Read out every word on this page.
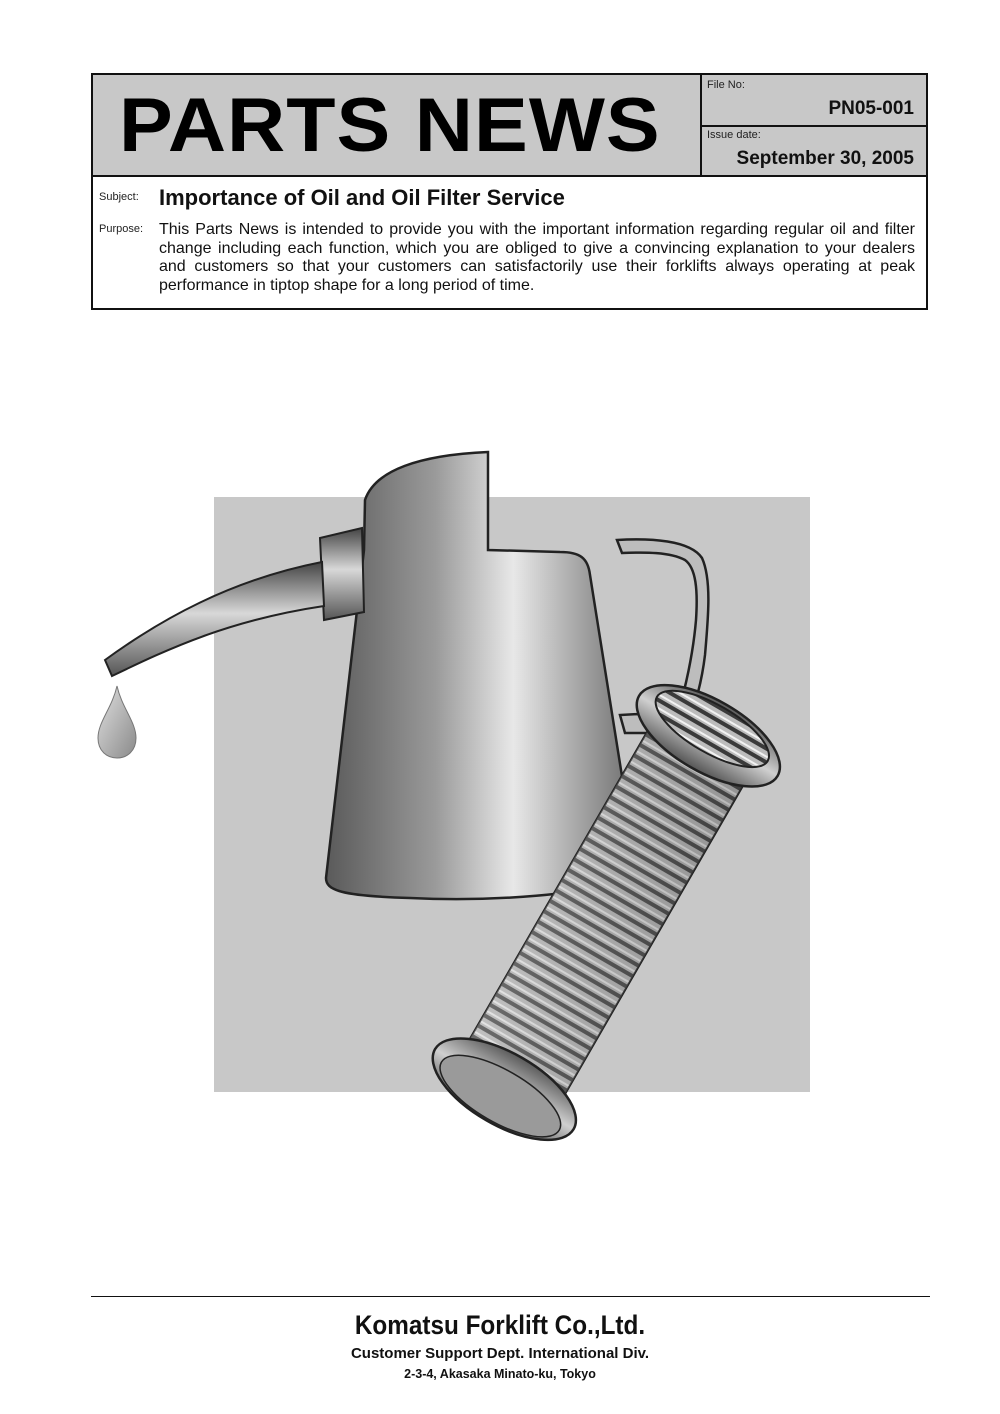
PARTS NEWS	File No:
PN05-001
Issue date:
September 30, 2005
Subject: Importance of Oil and Oil Filter Service
Purpose: This Parts News is intended to provide you with the important information regarding regular oil and filter change including each function, which you are obliged to give a convincing explanation to your dealers and customers so that your customers can satisfactorily use their forklifts always operating at peak performance in tiptop shape for a long period of time.
Komatsu Forklift Co.,Ltd.
Customer Support Dept. International Div.
2-3-4, Akasaka Minato-ku, Tokyo
